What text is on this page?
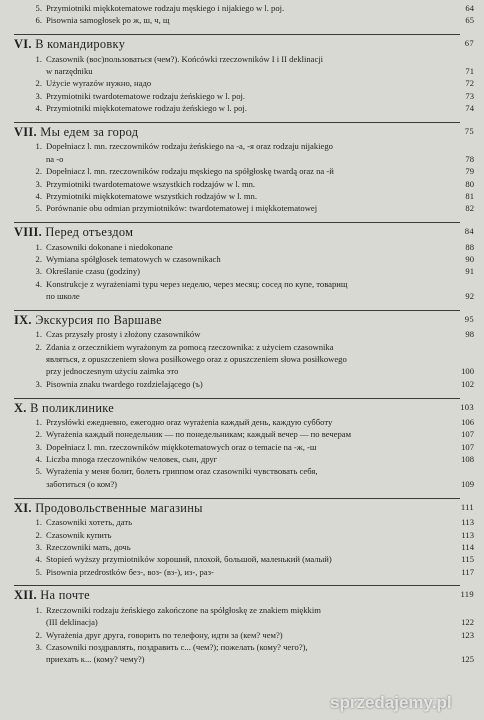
5. Przymiotniki miękkotematowe rodzaju męskiego i nijakiego w l. poj.	64
6. Pisownia samogłosek po ж, ш, ч, щ	65
VI. В командировку	67
1. Czasownik (вос)пользоваться (чем?). Końcówki rzeczowników I i II deklinacji
w narzędniku	71
2. Użycie wyrazów нужно, надо	72
3. Przymiotniki twardotematowe rodzaju żeńskiego w l. poj.	73
4. Przymiotniki miękkotematowe rodzaju żeńskiego w l. poj.	74
VII. Мы едем за город	75
1. Dopełniacz l. mn. rzeczowników rodzaju żeńskiego na -а, -я oraz rodzaju nijakiego
na -о	78
2. Dopełniacz l. mn. rzeczowników rodzaju męskiego na spółgłoskę twardą oraz na -й	79
3. Przymiotniki twardotematowe wszystkich rodzajów w l. mn.	80
4. Przymiotniki miękkotematowe wszystkich rodzajów w l. mn.	81
5. Porównanie obu odmian przymiotników: twardotematowej i miękkotematowej	82
VIII. Перед отъездом	84
1. Czasowniki dokonane i niedokonane	88
2. Wymiana spółgłosek tematowych w czasownikach	90
3. Określanie czasu (godziny)	91
4. Konstrukcje z wyrażeniami typu через неделю, через месяц; сосед по купе, товарищ
по школе	92
IX. Экскурсия по Варшаве	95
1. Czas przyszły prosty i złożony czasowników	98
2. Zdania z orzecznikiem wyrażonym za pomocą rzeczownika: z użyciem czasownika
являться, z opuszczeniem słowa posiłkowego oraz z opuszczeniem słowa posiłkowego
przy jednoczesnym użyciu zaimka это	100
3. Pisownia znaku twardego rozdzielającego (ъ)	102
X. В поликлинике	103
1. Przysłówki ежедневно, ежегодно oraz wyrażenia каждый день, каждую субботу	106
2. Wyrażenia каждый понедельник — по понедельникам; каждый вечер — по вечерам	107
3. Dopełniacz l. mn. rzeczowników miękkotematowych oraz o temacie na -ж, -ш	107
4. Liczba mnoga rzeczowników человек, сын, друг	108
5. Wyrażenia у меня болит, болеть гриппом oraz czasowniki чувствовать себя,
заботиться (о ком?)	109
XI. Продовольственные магазины	111
1. Czasowniki хотеть, дать	113
2. Czasownik купить	113
3. Rzeczowniki мать, дочь	114
4. Stopień wyższy przymiotników хороший, плохой, большой, маленький (малый)	115
5. Pisownia przedrostków без-, воз- (вз-), из-, раз-	117
XII. На почте	119
1. Rzeczowniki rodzaju żeńskiego zakończone na spółgłoskę ze znakiem miękkim
(III deklinacja)	122
2. Wyrażenia друг друга, говорить по телефону, идти за (кем? чем?)	123
3. Czasowniki поздравлять, поздравить с... (чем?); пожелать (кому? чего?),
приехать к... (кому? чему?)	125
sprzedajemy.pl
